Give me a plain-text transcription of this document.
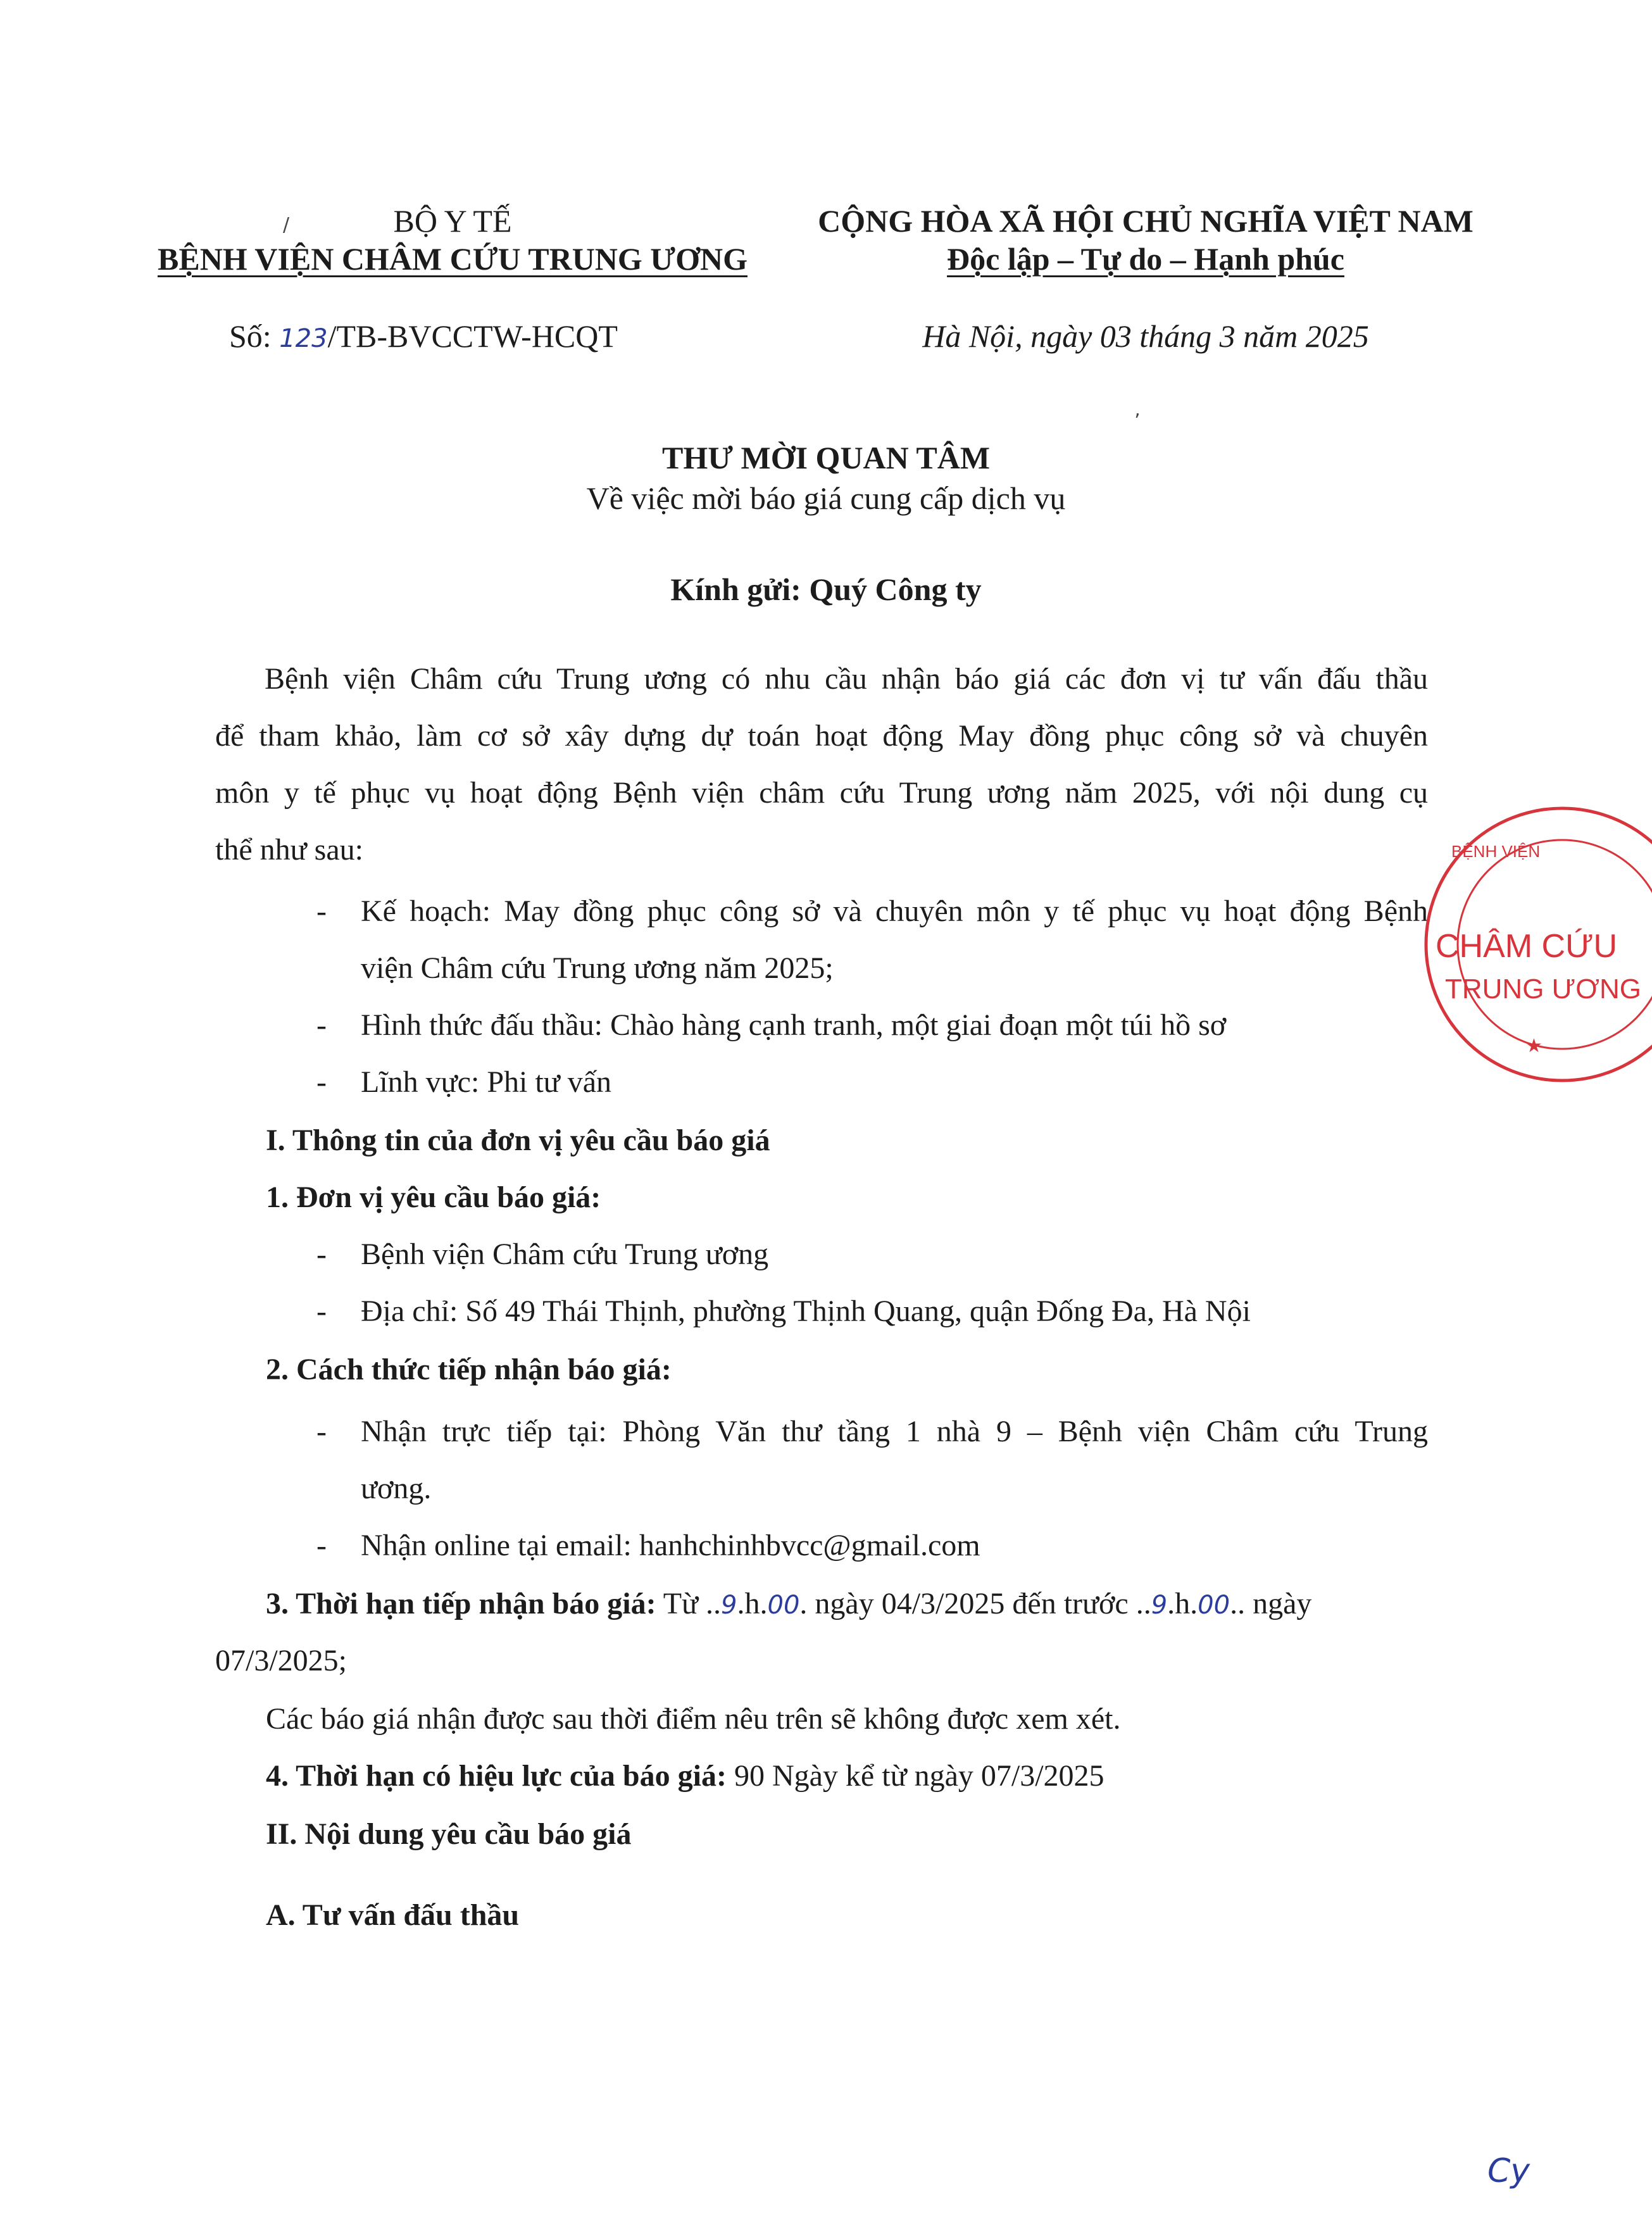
BỘ Y TẾ
BỆNH VIỆN CHÂM CỨU TRUNG ƯƠNG
CỘNG HÒA XÃ HỘI CHỦ NGHĨA VIỆT NAM
Độc lập – Tự do – Hạnh phúc
Số: 123/TB-BVCCTW-HCQT	Hà Nội, ngày 03 tháng 3 năm 2025
THƯ MỜI QUAN TÂM
Về việc mời báo giá cung cấp dịch vụ
Kính gửi: Quý Công ty
Bệnh viện Châm cứu Trung ương có nhu cầu nhận báo giá các đơn vị tư vấn đấu thầu
để tham khảo, làm cơ sở xây dựng dự toán hoạt động May đồng phục công sở và chuyên
môn y tế phục vụ hoạt động Bệnh viện châm cứu Trung ương năm 2025, với nội dung cụ
thể như sau:
- Kế hoạch: May đồng phục công sở và chuyên môn y tế phục vụ hoạt động Bệnh
viện Châm cứu Trung ương năm 2025;
- Hình thức đấu thầu: Chào hàng cạnh tranh, một giai đoạn một túi hồ sơ
- Lĩnh vực: Phi tư vấn
I. Thông tin của đơn vị yêu cầu báo giá
1. Đơn vị yêu cầu báo giá:
- Bệnh viện Châm cứu Trung ương
- Địa chỉ: Số 49 Thái Thịnh, phường Thịnh Quang, quận Đống Đa, Hà Nội
2. Cách thức tiếp nhận báo giá:
- Nhận trực tiếp tại: Phòng Văn thư tầng 1 nhà 9 – Bệnh viện Châm cứu Trung
ương.
- Nhận online tại email: hanhchinhbvcc@gmail.com
3. Thời hạn tiếp nhận báo giá: Từ ..9.h.00. ngày 04/3/2025 đến trước ..9.h.00.. ngày
07/3/2025;
Các báo giá nhận được sau thời điểm nêu trên sẽ không được xem xét.
4. Thời hạn có hiệu lực của báo giá: 90 Ngày kể từ ngày 07/3/2025
II. Nội dung yêu cầu báo giá
A. Tư vấn đấu thầu
BỆNH VIỆN
CHÂM CỨU
TRUNG ƯƠNG
★
Cy
/
ʼ
